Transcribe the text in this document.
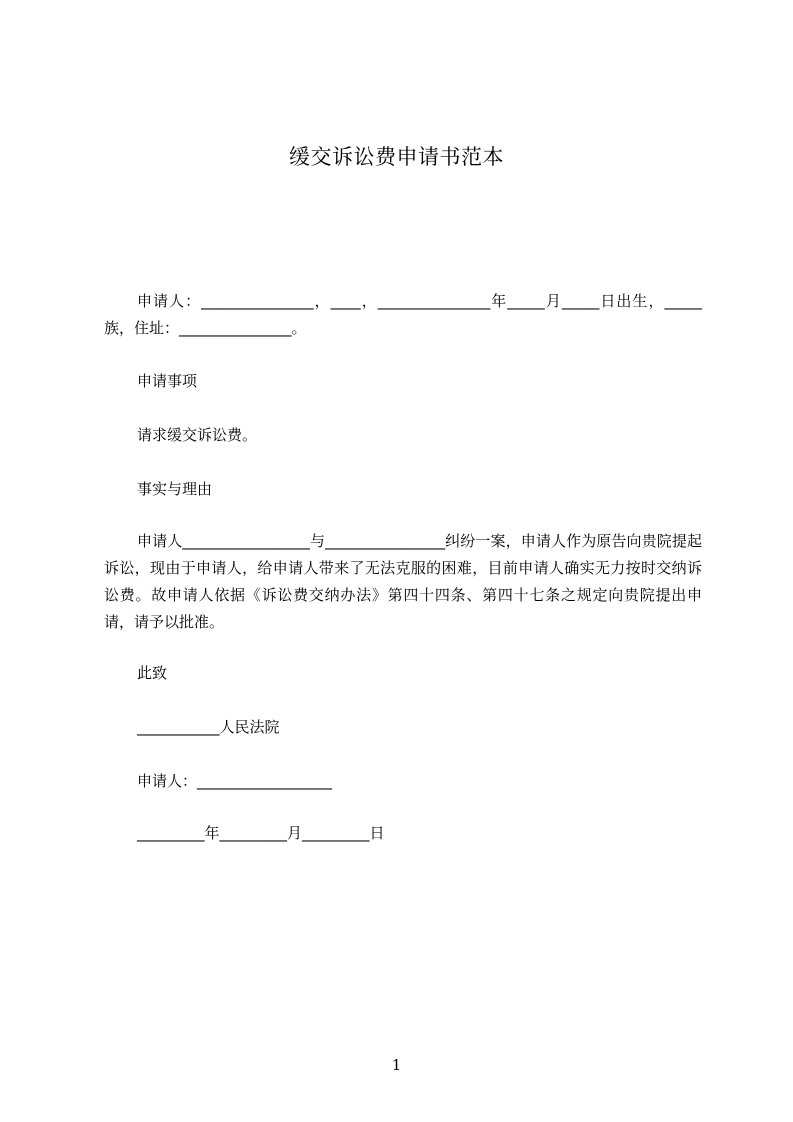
缓交诉讼费申请书范本
申请人：_______________，____，_______________年_____月_____日出生，_____族，住址：_______________。
申请事项
请求缓交诉讼费。
事实与理由
申请人_________________与________________纠纷一案，申请人作为原告向贵院提起诉讼，现由于申请人，给申请人带来了无法克服的困难，目前申请人确实无力按时交纳诉讼费。故申请人依据《诉讼费交纳办法》第四十四条、第四十七条之规定向贵院提出申请，请予以批准。
此致
___________人民法院
申请人：__________________
_________年_________月_________日
1
